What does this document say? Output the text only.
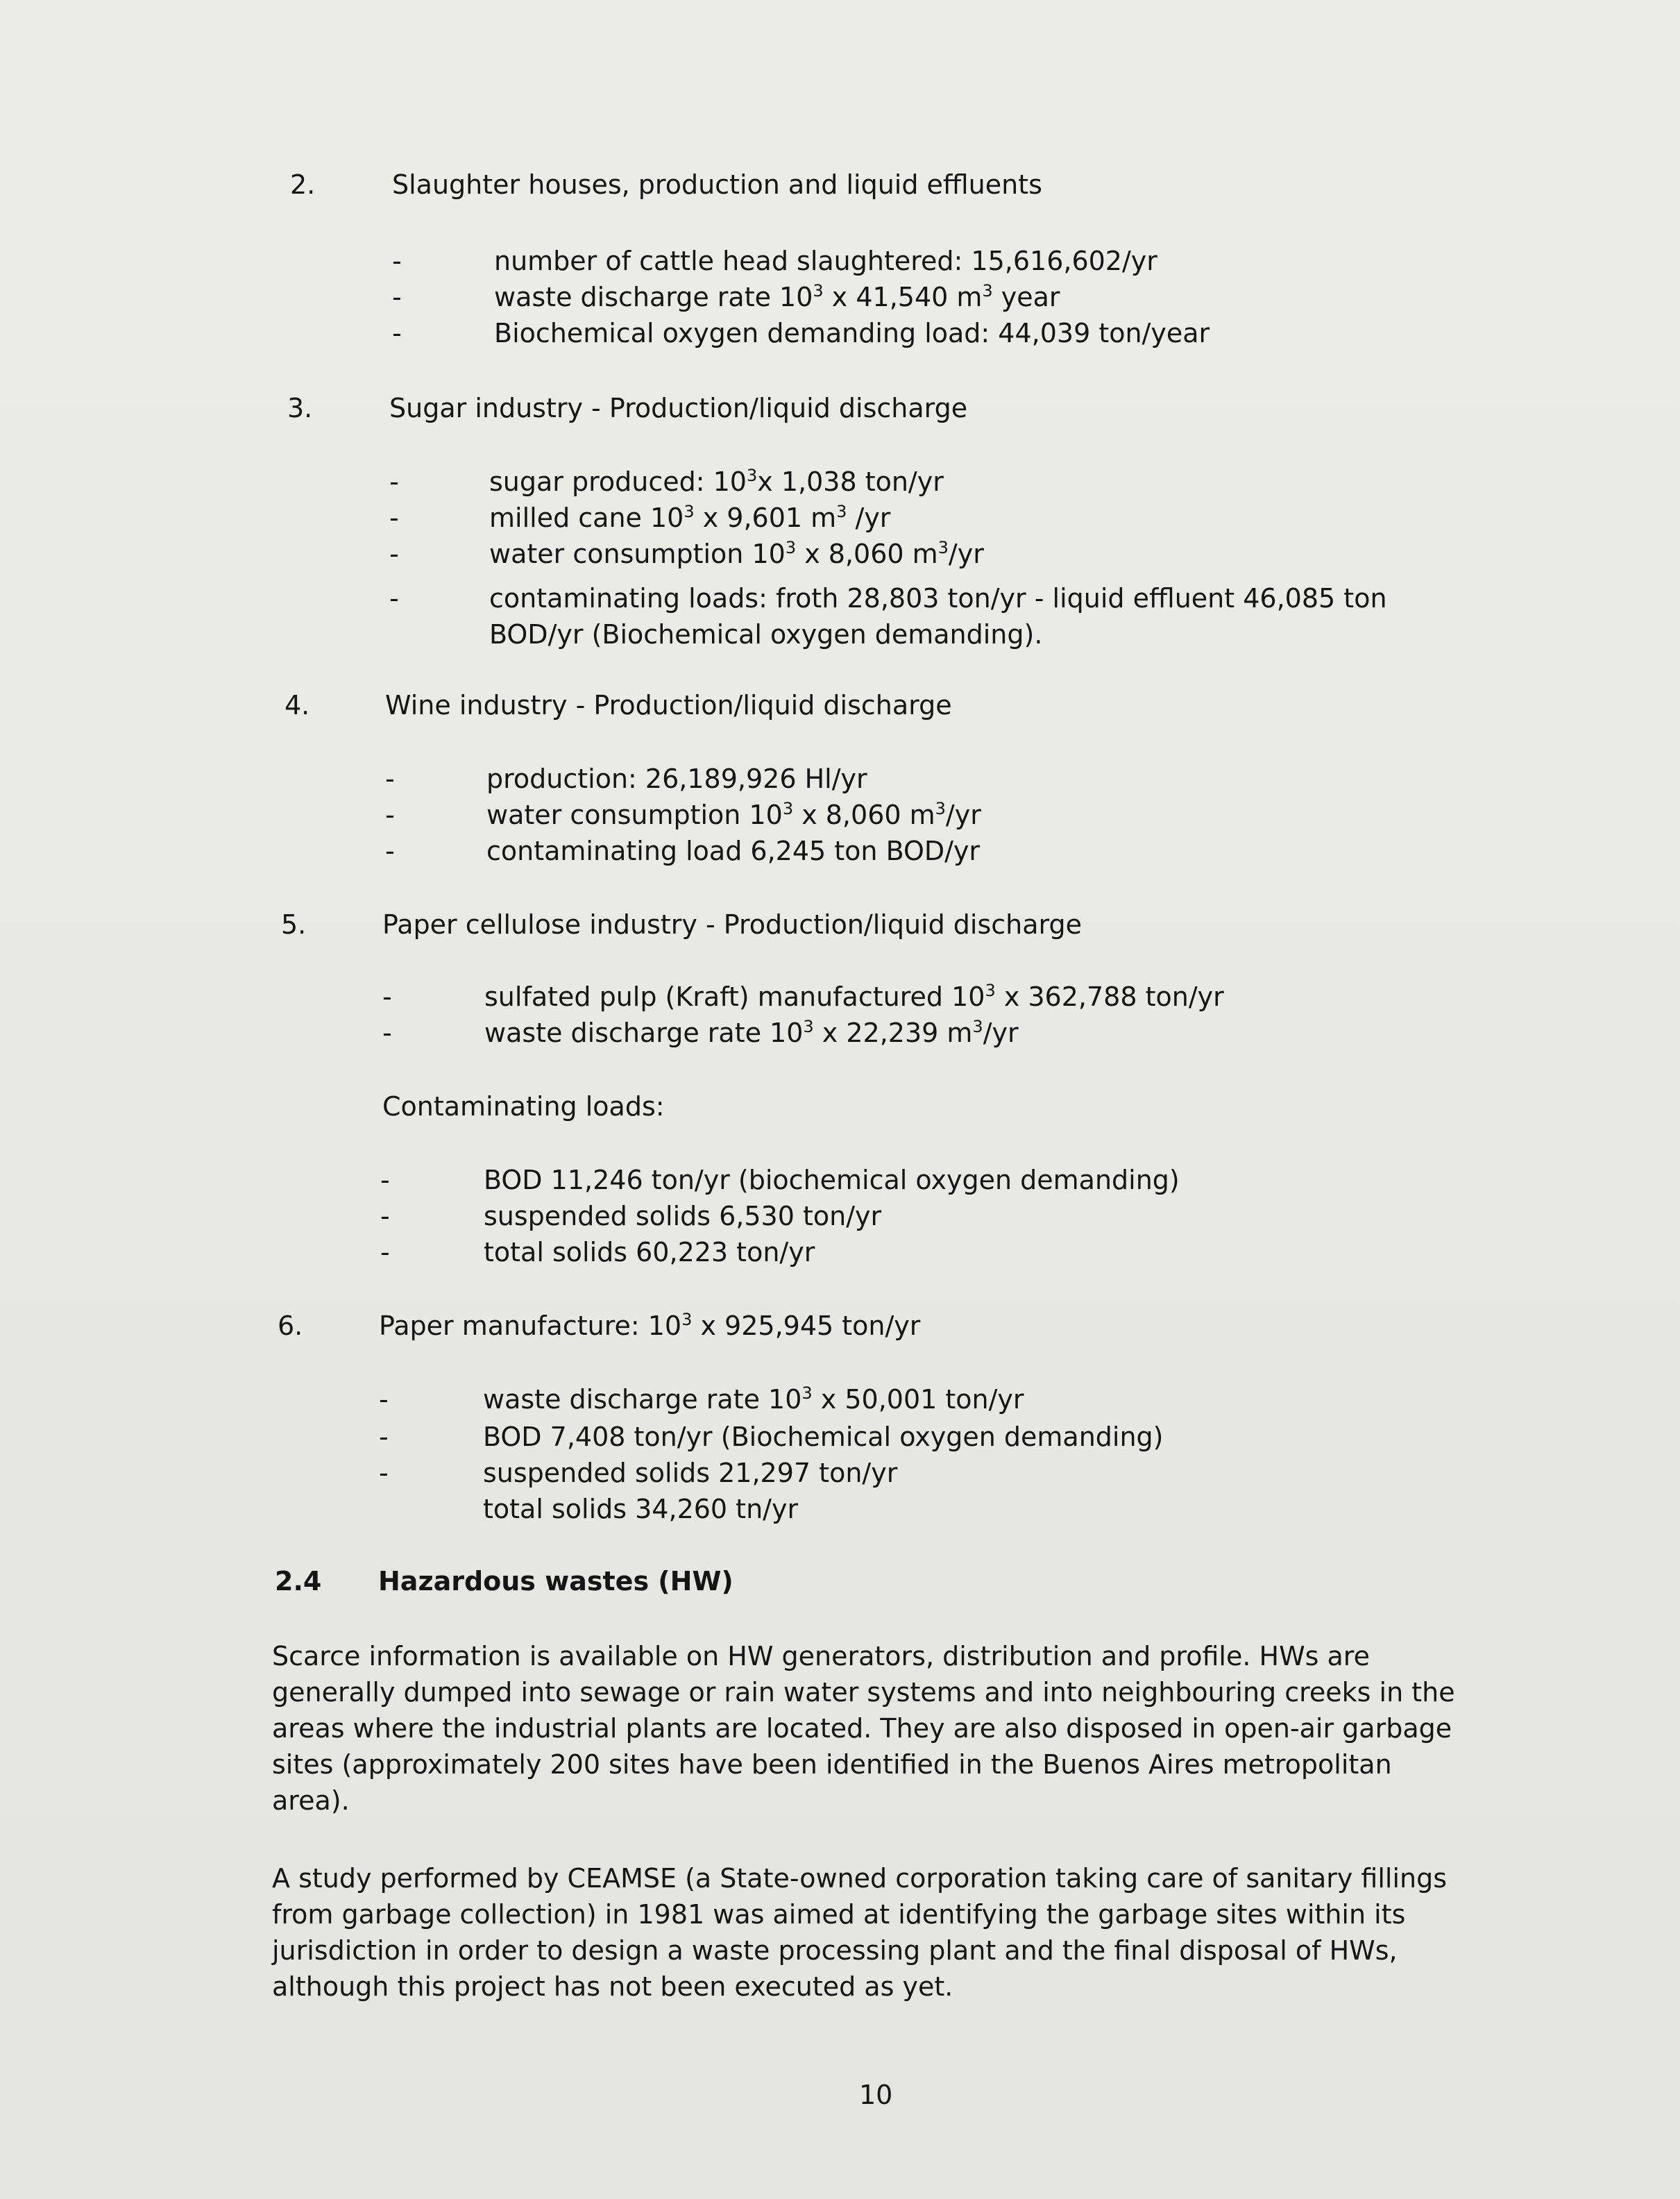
2.	Slaughter houses, production and liquid effluents
-	number of cattle head slaughtered: 15,616,602/yr
-	waste discharge rate $10^3$ x 41,540 $m^3$ year
-	Biochemical oxygen demanding load: 44,039 ton/year
3.	Sugar industry - Production/liquid discharge
-	sugar produced: $10^3x$ 1,038 ton/yr
-	milled cane $10^3$ x 9,601 $m^3$ /yr
-	water consumption $10^3$ x 8,060 $m^3/yr$
-	contaminating loads: froth 28,803 ton/yr - liquid effluent 46,085 ton
BOD/yr (Biochemical oxygen demanding).
4.	Wine industry - Production/liquid discharge
-	production: 26,189,926 Hl/yr
-	water consumption $10^3$ x 8,060 $m^3/yr$
-	contaminating load 6,245 ton BOD/yr
5.	Paper cellulose industry - Production/liquid discharge
-	sulfated pulp (Kraft) manufactured $10^3$ x 362,788 ton/yr
-	waste discharge rate $10^3$ x 22,239 $m^3/yr$
Contaminating loads:
-	BOD 11,246 ton/yr (biochemical oxygen demanding)
-	suspended solids 6,530 ton/yr
-	total solids 60,223 ton/yr
6.	Paper manufacture: $10^3$ x 925,945 ton/yr
-	waste discharge rate $10^3$ x 50,001 ton/yr
-	BOD 7,408 ton/yr (Biochemical oxygen demanding)
-	suspended solids 21,297 ton/yr
total solids 34,260 tn/yr
2.4 Hazardous wastes (HW)
Scarce information is available on HW generators, distribution and profile. HWs are
generally dumped into sewage or rain water systems and into neighbouring creeks in the
areas where the industrial plants are located. They are also disposed in open-air garbage
sites (approximately 200 sites have been identified in the Buenos Aires metropolitan
area).
A study performed by CEAMSE (a State-owned corporation taking care of sanitary fillings
from garbage collection) in 1981 was aimed at identifying the garbage sites within its
jurisdiction in order to design a waste processing plant and the final disposal of HWs,
although this project has not been executed as yet.
10
